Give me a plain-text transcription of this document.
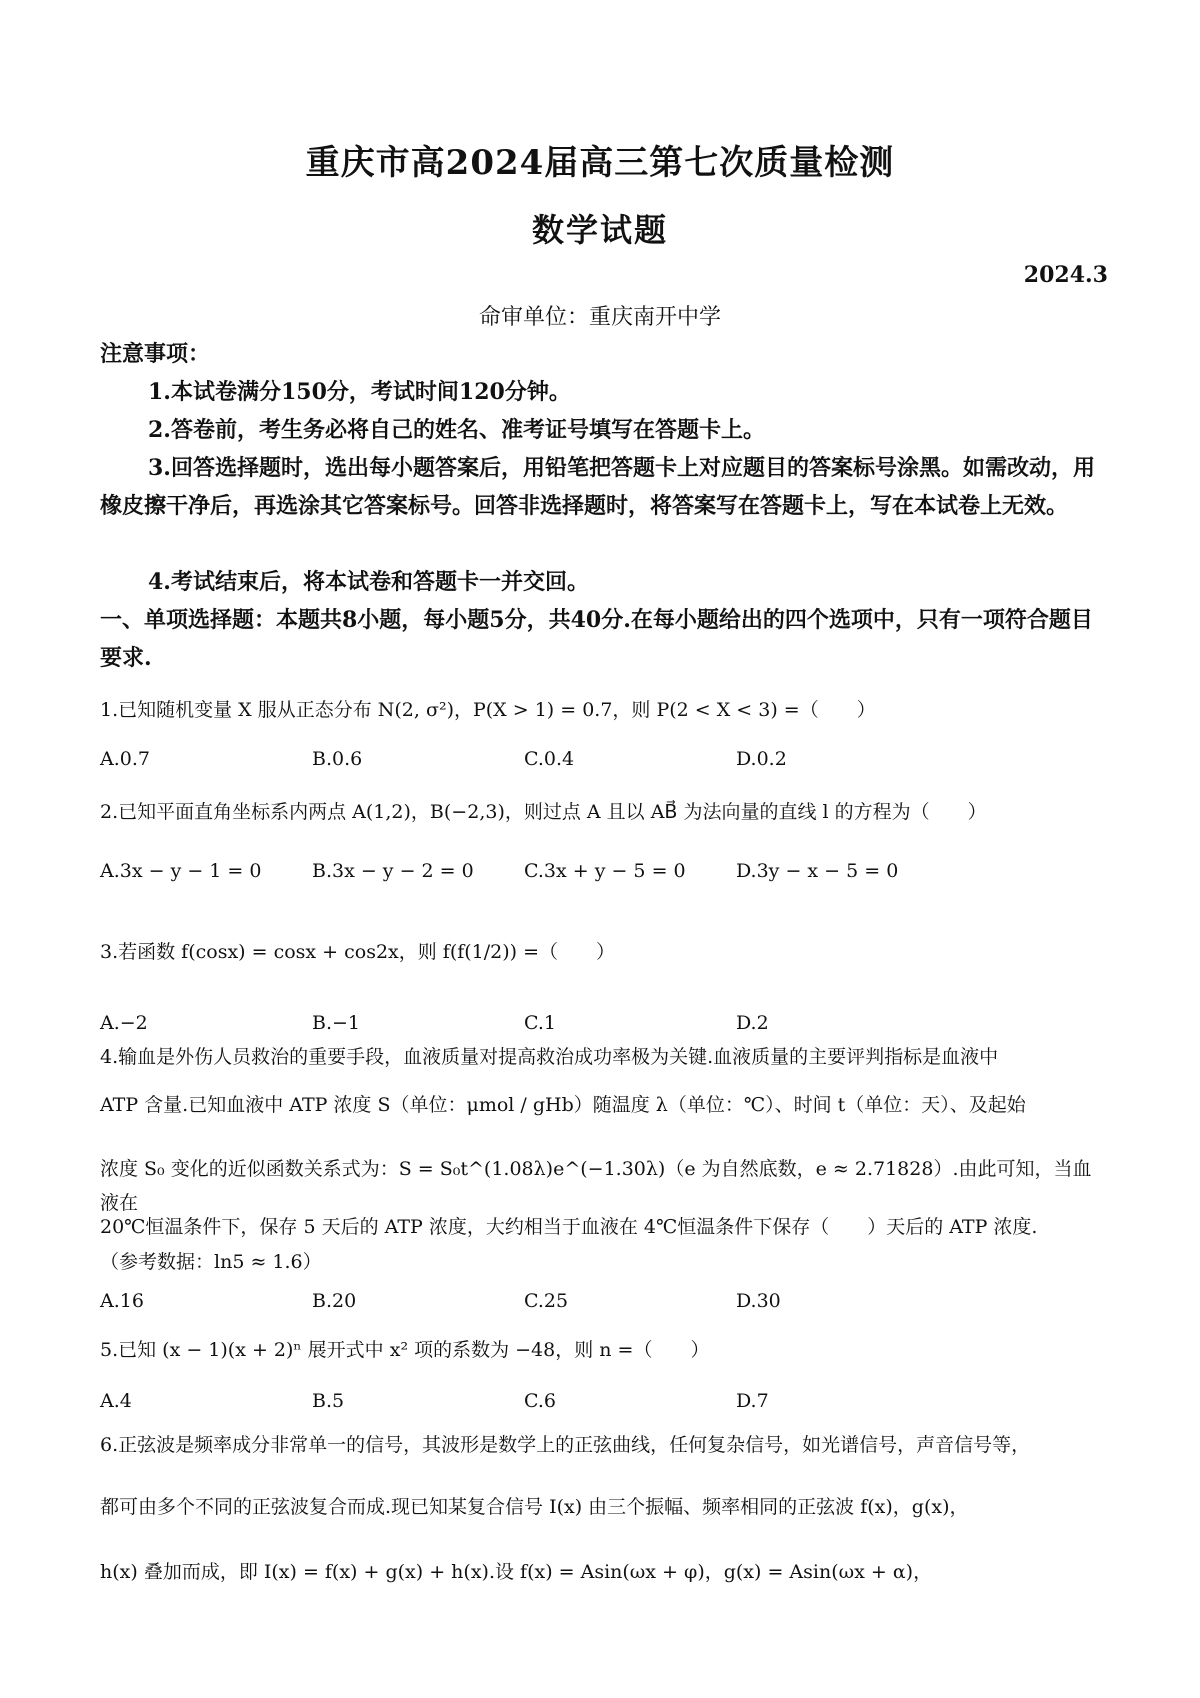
重庆市高2024届高三第七次质量检测
数学试题
2024.3
命审单位：重庆南开中学
注意事项：
1.本试卷满分150分，考试时间120分钟。
2.答卷前，考生务必将自己的姓名、准考证号填写在答题卡上。
3.回答选择题时，选出每小题答案后，用铅笔把答题卡上对应题目的答案标号涂黑。如需改动，用橡皮擦干净后，再选涂其它答案标号。回答非选择题时，将答案写在答题卡上，写在本试卷上无效。
4.考试结束后，将本试卷和答题卡一并交回。
一、单项选择题：本题共8小题，每小题5分，共40分.在每小题给出的四个选项中，只有一项符合题目要求.
1.已知随机变量 X 服从正态分布 N(2, σ²)，P(X > 1) = 0.7，则 P(2 < X < 3) =（　　）
A.0.7	B.0.6	C.0.4	D.0.2
2.已知平面直角坐标系内两点 A(1,2)，B(−2,3)，则过点 A 且以 AB⃗ 为法向量的直线 l 的方程为（　　）
A.3x − y − 1 = 0	B.3x − y − 2 = 0	C.3x + y − 5 = 0	D.3y − x − 5 = 0
3.若函数 f(cosx) = cosx + cos2x，则 f(f(1/2)) =（　　）
A.−2	B.−1	C.1	D.2
4.输血是外伤人员救治的重要手段，血液质量对提高救治成功率极为关键.血液质量的主要评判指标是血液中
ATP 含量.已知血液中 ATP 浓度 S（单位：μmol / gHb）随温度 λ（单位：℃）、时间 t（单位：天）、及起始
浓度 S₀ 变化的近似函数关系式为：S = S₀t^(1.08λ)e^(−1.30λ)（e 为自然底数，e ≈ 2.71828）.由此可知，当血液在
20℃恒温条件下，保存 5 天后的 ATP 浓度，大约相当于血液在 4℃恒温条件下保存（　　）天后的 ATP 浓度.
（参考数据：ln5 ≈ 1.6）
A.16	B.20	C.25	D.30
5.已知 (x − 1)(x + 2)ⁿ 展开式中 x² 项的系数为 −48，则 n =（　　）
A.4	B.5	C.6	D.7
6.正弦波是频率成分非常单一的信号，其波形是数学上的正弦曲线，任何复杂信号，如光谱信号，声音信号等，
都可由多个不同的正弦波复合而成.现已知某复合信号 I(x) 由三个振幅、频率相同的正弦波 f(x)，g(x)，
h(x) 叠加而成，即 I(x) = f(x) + g(x) + h(x).设 f(x) = Asin(ωx + φ)，g(x) = Asin(ωx + α)，
